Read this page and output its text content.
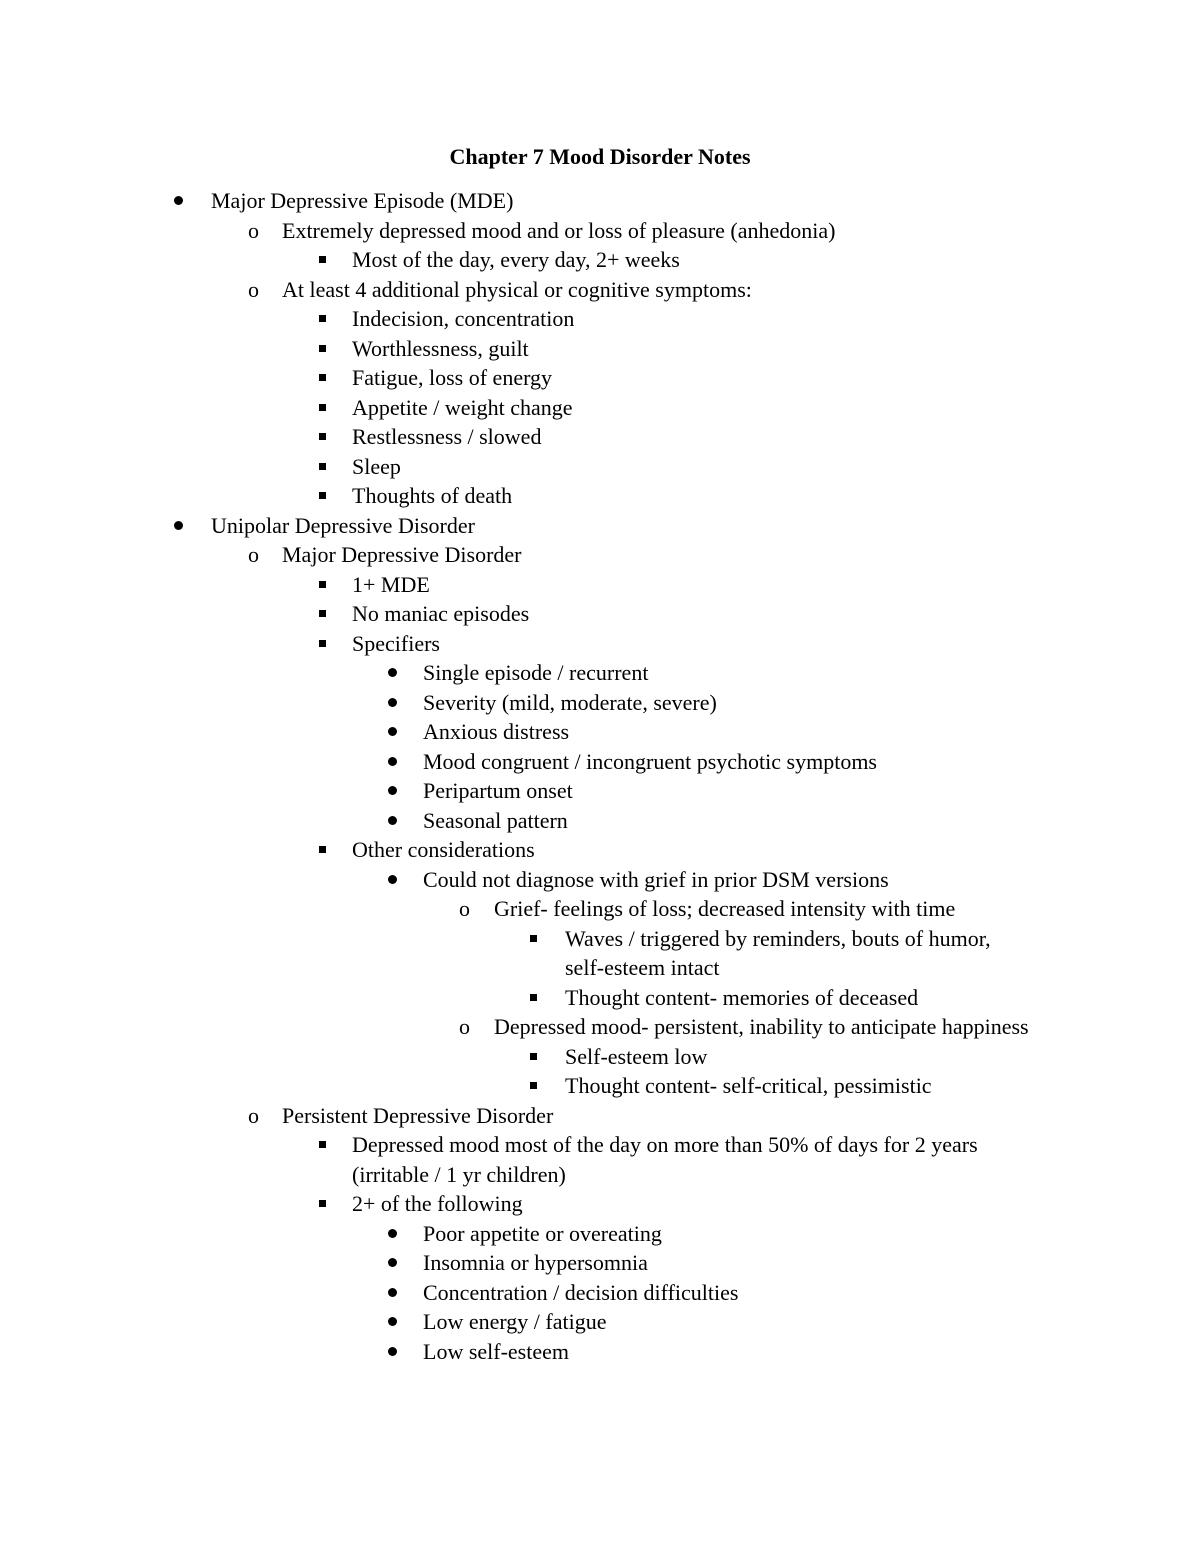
Chapter 7 Mood Disorder Notes
Major Depressive Episode (MDE)
o Extremely depressed mood and or loss of pleasure (anhedonia)
Most of the day, every day, 2+ weeks
o At least 4 additional physical or cognitive symptoms:
Indecision, concentration
Worthlessness, guilt
Fatigue, loss of energy
Appetite / weight change
Restlessness / slowed
Sleep
Thoughts of death
Unipolar Depressive Disorder
o Major Depressive Disorder
1+ MDE
No maniac episodes
Specifiers
Single episode / recurrent
Severity (mild, moderate, severe)
Anxious distress
Mood congruent / incongruent psychotic symptoms
Peripartum onset
Seasonal pattern
Other considerations
Could not diagnose with grief in prior DSM versions
o Grief- feelings of loss; decreased intensity with time
Waves / triggered by reminders, bouts of humor, self-esteem intact
Thought content- memories of deceased
o Depressed mood- persistent, inability to anticipate happiness
Self-esteem low
Thought content- self-critical, pessimistic
o Persistent Depressive Disorder
Depressed mood most of the day on more than 50% of days for 2 years (irritable / 1 yr children)
2+ of the following
Poor appetite or overeating
Insomnia or hypersomnia
Concentration / decision difficulties
Low energy / fatigue
Low self-esteem
